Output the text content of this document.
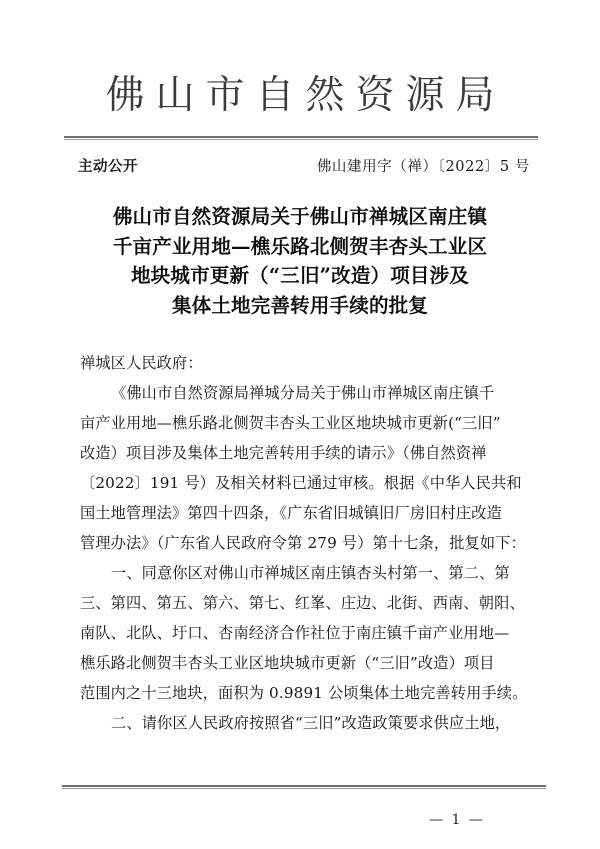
佛山市自然资源局
主动公开	佛山建用字（禅）〔2022〕5 号
佛山市自然资源局关于佛山市禅城区南庄镇
千亩产业用地—樵乐路北侧贺丰杏头工业区
地块城市更新（“三旧”改造）项目涉及
集体土地完善转用手续的批复
禅城区人民政府：
《佛山市自然资源局禅城分局关于佛山市禅城区南庄镇千
亩产业用地—樵乐路北侧贺丰杏头工业区地块城市更新(“三旧”
改造）项目涉及集体土地完善转用手续的请示》（佛自然资禅
〔2022〕191 号）及相关材料已通过审核。根据《中华人民共和
国土地管理法》第四十四条，《广东省旧城镇旧厂房旧村庄改造
管理办法》（广东省人民政府令第 279 号）第十七条，批复如下：
一、同意你区对佛山市禅城区南庄镇杏头村第一、第二、第
三、第四、第五、第六、第七、红峯、庄边、北街、西南、朝阳、
南队、北队、圩口、杏南经济合作社位于南庄镇千亩产业用地—
樵乐路北侧贺丰杏头工业区地块城市更新（“三旧”改造）项目
范围内之十三地块，面积为 0.9891 公顷集体土地完善转用手续。
二、请你区人民政府按照省“三旧”改造政策要求供应土地，
— 1 —
